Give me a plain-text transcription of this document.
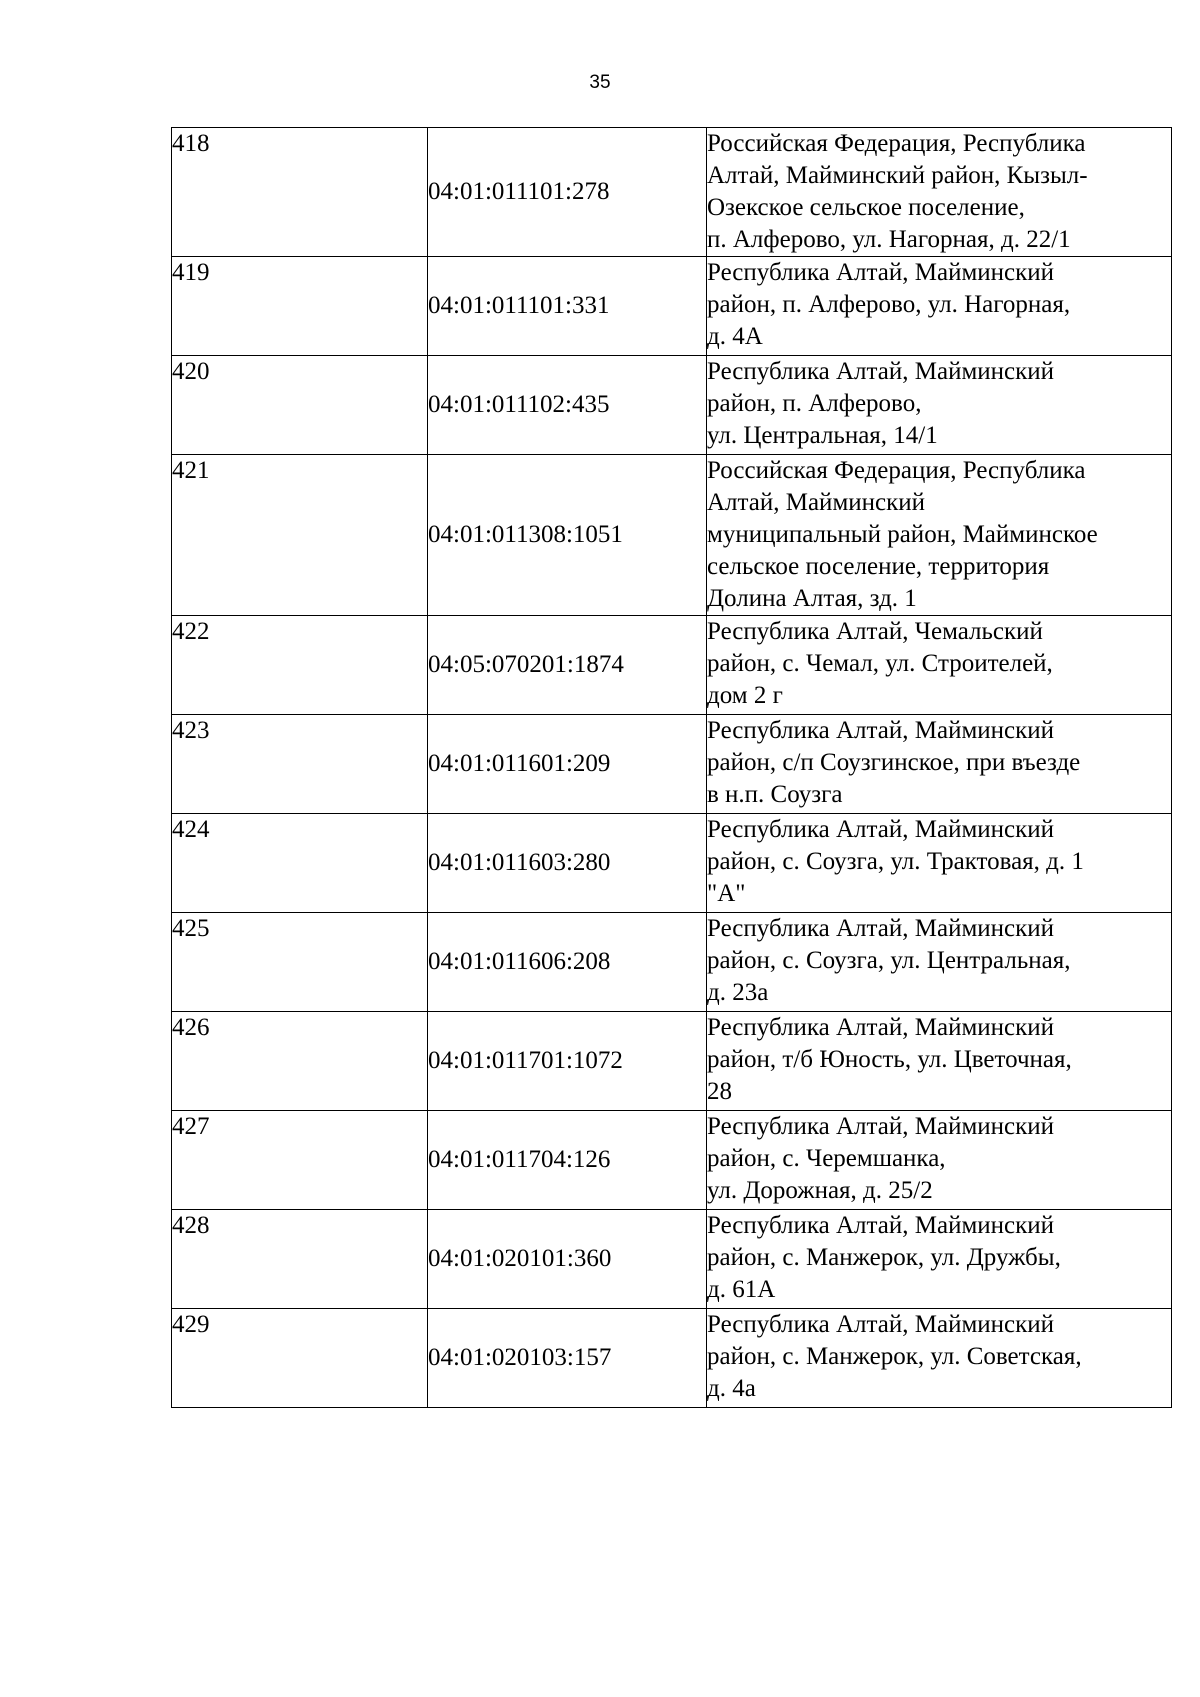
35
418	04:01:011101:278	Российская Федерация, Республика
Алтай, Майминский район, Кызыл-
Озекское сельское поселение,
п. Алферово, ул. Нагорная, д. 22/1

419	04:01:011101:331	Республика Алтай, Майминский
район, п. Алферово, ул. Нагорная,
д. 4А

420	04:01:011102:435	Республика Алтай, Майминский
район, п. Алферово,
ул. Центральная, 14/1

421	04:01:011308:1051	Российская Федерация, Республика
Алтай, Майминский
муниципальный район, Майминское
сельское поселение, территория
Долина Алтая, зд. 1

422	04:05:070201:1874	Республика Алтай, Чемальский
район, с. Чемал, ул. Строителей,
дом 2 г

423	04:01:011601:209	Республика Алтай, Майминский
район, с/п Соузгинское, при въезде
в н.п. Соузга

424	04:01:011603:280	Республика Алтай, Майминский
район, с. Соузга, ул. Трактовая, д. 1
"А"

425	04:01:011606:208	Республика Алтай, Майминский
район, с. Соузга, ул. Центральная,
д. 23а

426	04:01:011701:1072	Республика Алтай, Майминский
район, т/б Юность, ул. Цветочная,
28

427	04:01:011704:126	Республика Алтай, Майминский
район, с. Черемшанка,
ул. Дорожная, д. 25/2

428	04:01:020101:360	Республика Алтай, Майминский
район, с. Манжерок, ул. Дружбы,
д. 61А

429	04:01:020103:157	Республика Алтай, Майминский
район, с. Манжерок, ул. Советская,
д. 4а
